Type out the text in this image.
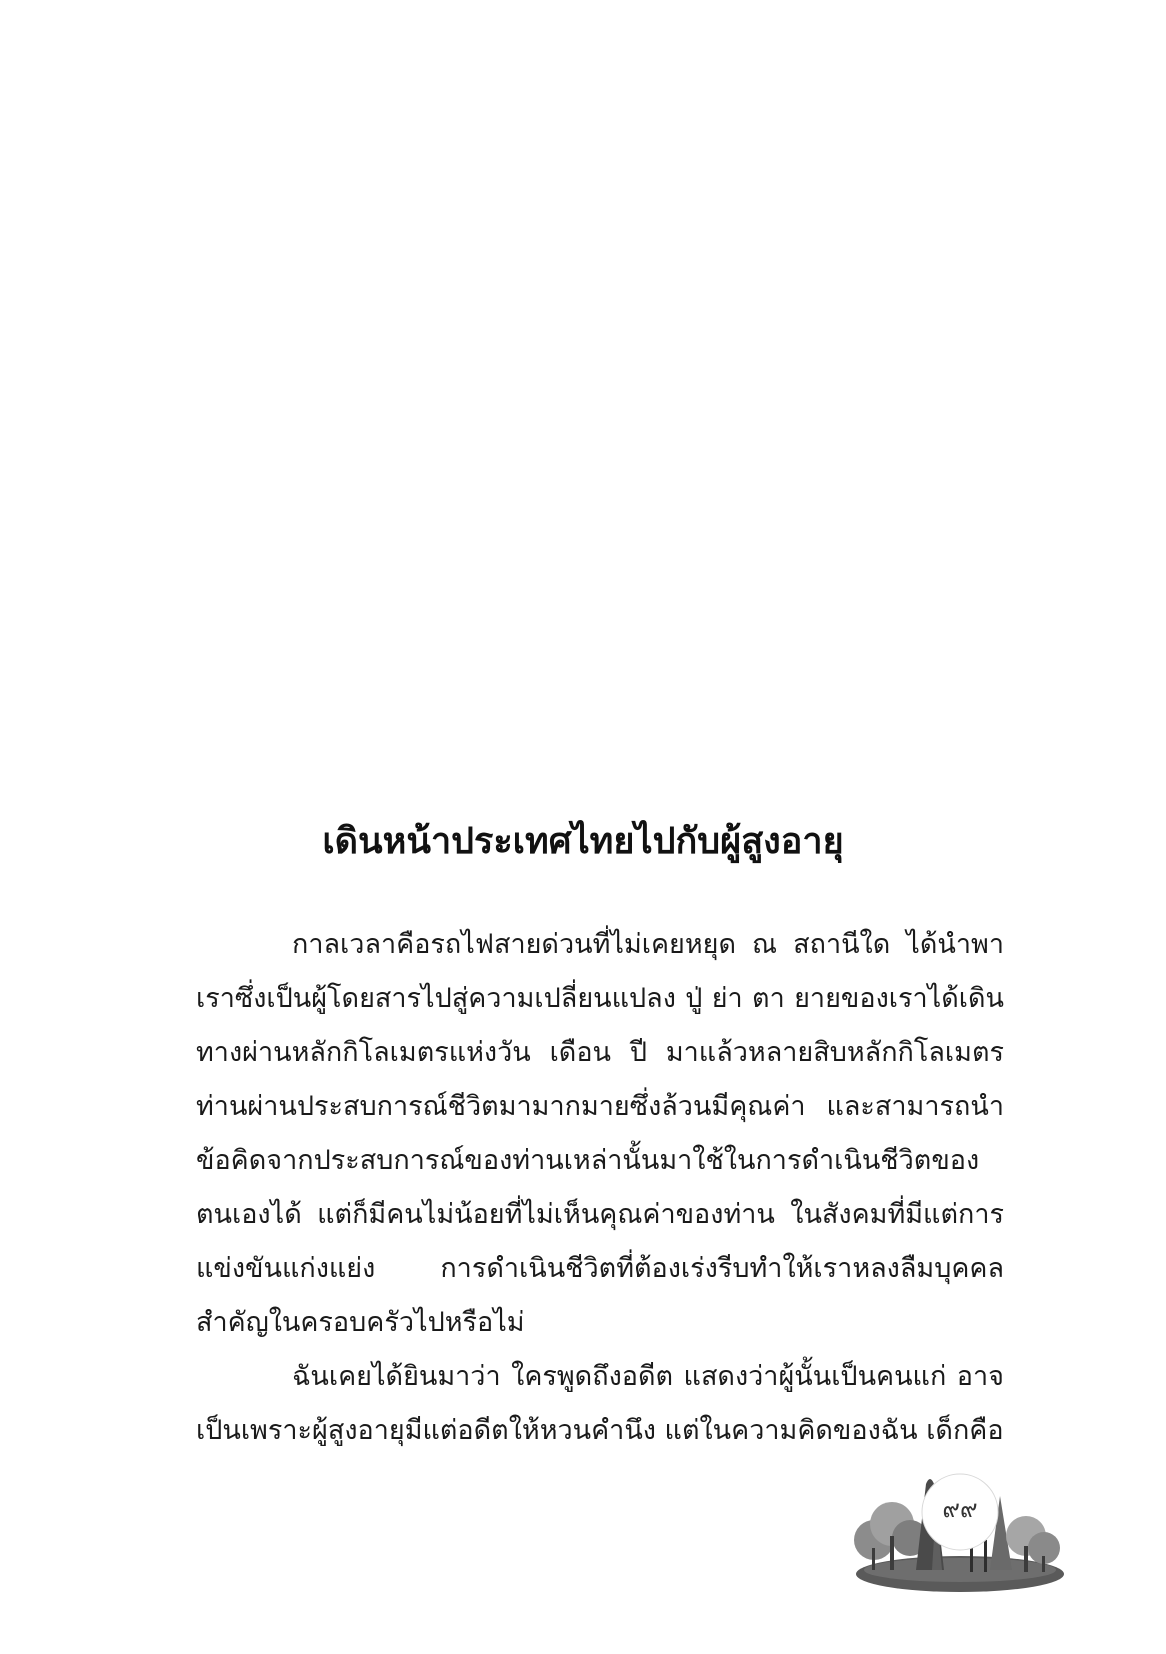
เดินหน้าประเทศไทยไปกับผู้สูงอายุ

กาลเวลาคือรถไฟสายด่วนที่ไม่เคยหยุด ณ สถานีใด ได้นำพาเราซึ่งเป็นผู้โดยสารไปสู่ความเปลี่ยนแปลง ปู่ ย่า ตา ยายของเราได้เดินทางผ่านหลักกิโลเมตรแห่งวัน เดือน ปี มาแล้วหลายสิบหลักกิโลเมตร ท่านผ่านประสบการณ์ชีวิตมามากมายซึ่งล้วนมีคุณค่า และสามารถนำข้อคิดจากประสบการณ์ของท่านเหล่านั้นมาใช้ในการดำเนินชีวิตของตนเองได้ แต่ก็มีคนไม่น้อยที่ไม่เห็นคุณค่าของท่าน ในสังคมที่มีแต่การแข่งขันแก่งแย่ง การดำเนินชีวิตที่ต้องเร่งรีบทำให้เราหลงลืมบุคคลสำคัญในครอบครัวไปหรือไม่

ฉันเคยได้ยินมาว่า ใครพูดถึงอดีต แสดงว่าผู้นั้นเป็นคนแก่ อาจเป็นเพราะผู้สูงอายุมีแต่อดีตให้หวนคำนึง แต่ในความคิดของฉัน เด็กคือ

๙๙
